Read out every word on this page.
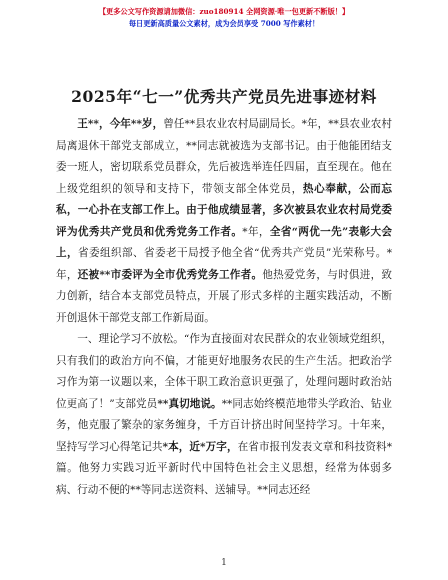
【更多公文写作资源请加微信：zuo180914 全网资源·唯一包更新不断版！】
每日更新高质量公文素材，成为会员享受 7000 写作素材！
2025年“七一”优秀共产党员先进事迹材料

王**，今年**岁，曾任**县农业农村局副局长。*年，**县农业农村局离退休干部党支部成立，**同志就被选为支部书记。由于他能团结支委一班人，密切联系党员群众，先后被选举连任四届，直至现在。他在上级党组织的领导和支持下，带领支部全体党员，热心奉献，公而忘私，一心扑在支部工作上。由于他成绩显著，多次被县农业农村局党委评为优秀共产党员和优秀党务工作者。*年，全省“两优一先”表彰大会上，省委组织部、省委老干局授予他全省“优秀共产党员”光荣称号。*年，还被**市委评为全市优秀党务工作者。他热爱党务，与时俱进，致力创新，结合本支部党员特点，开展了形式多样的主题实践活动，不断开创退休干部党支部工作新局面。

一、理论学习不放松。“作为直接面对农民群众的农业领域党组织，只有我们的政治方向不偏，才能更好地服务农民的生产生活。把政治学习作为第一议题以来，全体干职工政治意识更强了，处理问题时政治站位更高了！”支部党员**真切地说。**同志始终模范地带头学政治、钻业务，他克服了繁杂的家务缠身，千方百计挤出时间坚持学习。十年来，坚持写学习心得笔记共*本，近*万字，在省市报刊发表文章和科技资料*篇。他努力实践习近平新时代中国特色社会主义思想，经常为体弱多病、行动不便的**等同志送资料、送辅导。**同志还经

1
